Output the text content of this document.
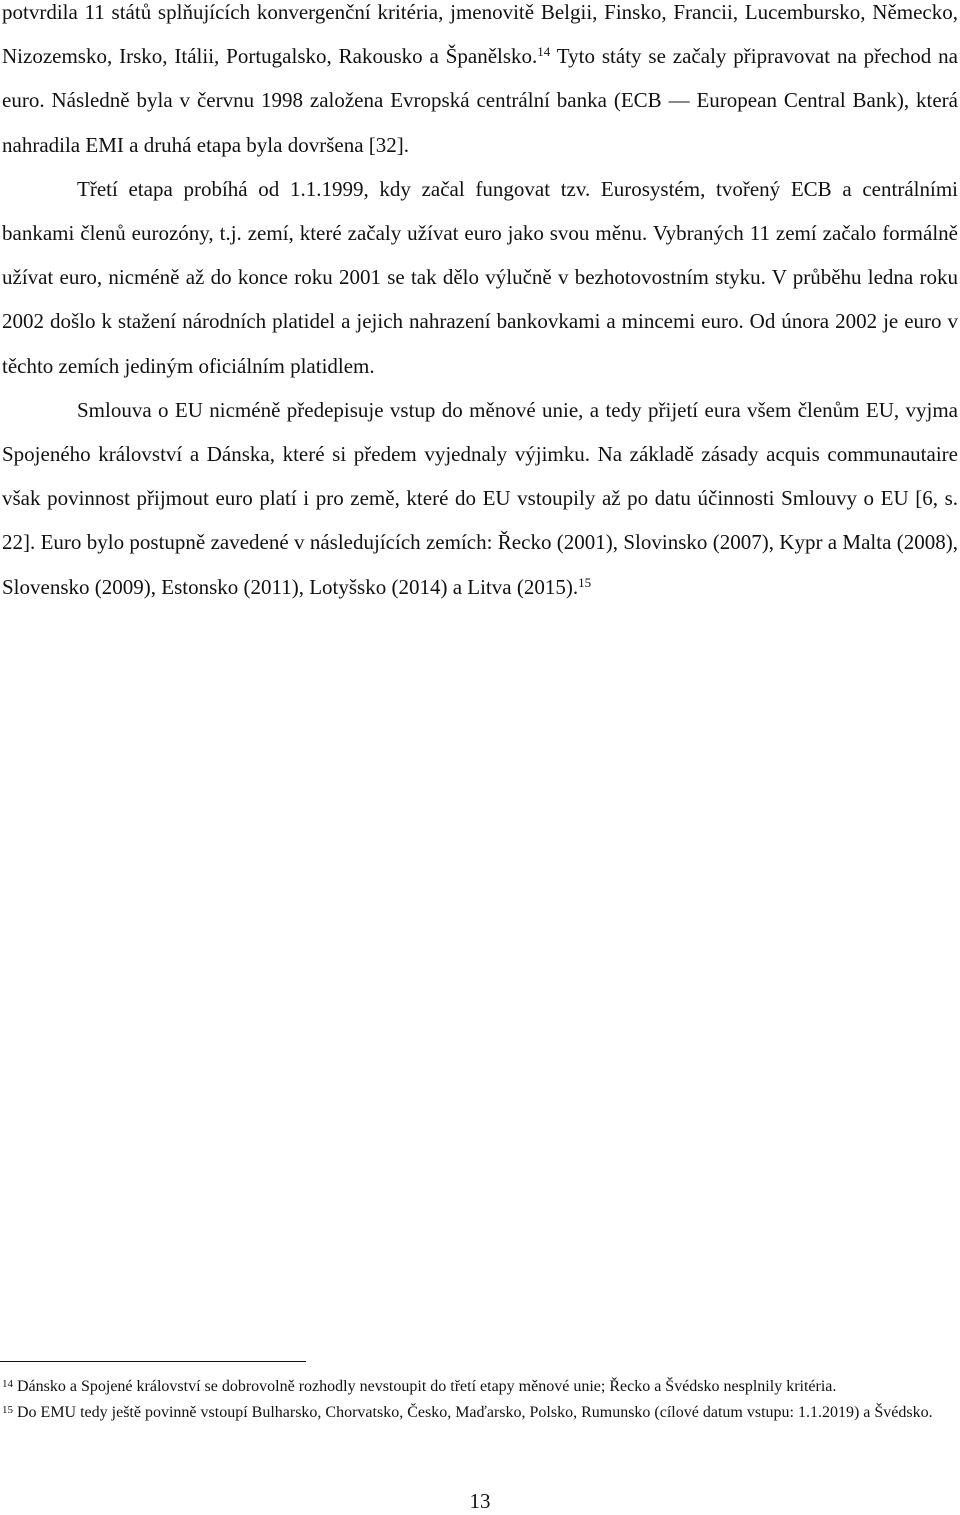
potvrdila 11 států splňujících konvergenční kritéria, jmenovitě Belgii, Finsko, Francii, Lucembursko, Německo, Nizozemsko, Irsko, Itálii, Portugalsko, Rakousko a Španělsko.$^{14}$ Tyto státy se začaly připravovat na přechod na euro. Následně byla v červnu 1998 založena Evropská centrální banka (ECB — European Central Bank), která nahradila EMI a druhá etapa byla dovršena [32].

Třetí etapa probíhá od 1.1.1999, kdy začal fungovat tzv. Eurosystém, tvořený ECB a centrálními bankami členů eurozóny, t.j. zemí, které začaly užívat euro jako svou měnu. Vybraných 11 zemí začalo formálně užívat euro, nicméně až do konce roku 2001 se tak dělo výlučně v bezhotovostním styku. V průběhu ledna roku 2002 došlo k stažení národních platidel a jejich nahrazení bankovkami a mincemi euro. Od února 2002 je euro v těchto zemích jediným oficiálním platidlem.

Smlouva o EU nicméně předepisuje vstup do měnové unie, a tedy přijetí eura všem členům EU, vyjma Spojeného království a Dánska, které si předem vyjednaly výjimku. Na základě zásady acquis communautaire však povinnost přijmout euro platí i pro země, které do EU vstoupily až po datu účinnosti Smlouvy o EU [6, s. 22]. Euro bylo postupně zavedené v následujících zemích: Řecko (2001), Slovinsko (2007), Kypr a Malta (2008), Slovensko (2009), Estonsko (2011), Lotyšsko (2014) a Litva (2015).$^{15}$

$^{14}$ Dánsko a Spojené království se dobrovolně rozhodly nevstoupit do třetí etapy měnové unie; Řecko a Švédsko nesplnily kritéria.

$^{15}$ Do EMU tedy ještě povinně vstoupí Bulharsko, Chorvatsko, Česko, Maďarsko, Polsko, Rumunsko (cílové datum vstupu: 1.1.2019) a Švédsko.

13
